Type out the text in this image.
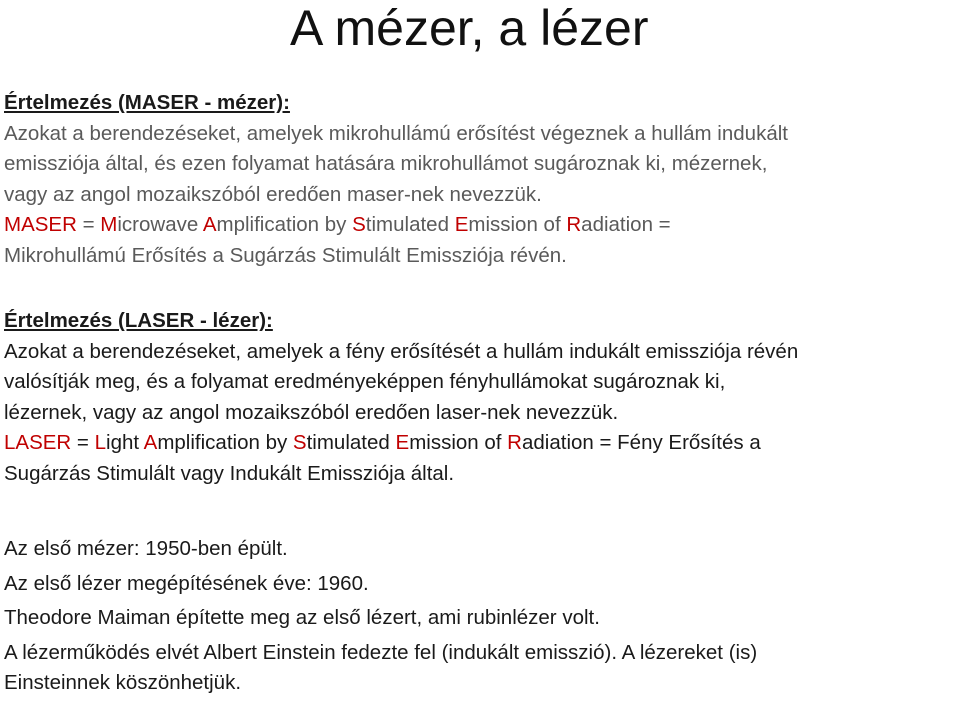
A mézer, a lézer
Értelmezés (MASER - mézer):
Azokat a berendezéseket, amelyek mikrohullámú erősítést végeznek a hullám indukált
emissziója által, és ezen folyamat hatására mikrohullámot sugároznak ki, mézernek,
vagy az angol mozaikszóból eredően maser-nek nevezzük.
MASER = Microwave Amplification by Stimulated Emission of Radiation =
Mikrohullámú Erősítés a Sugárzás Stimulált Emissziója révén.
Értelmezés (LASER - lézer):
Azokat a berendezéseket, amelyek a fény erősítését a hullám indukált emissziója révén
valósítják meg, és a folyamat eredményeképpen fényhullámokat sugároznak ki,
lézernek, vagy az angol mozaikszóból eredően laser-nek nevezzük.
LASER = Light Amplification by Stimulated Emission of Radiation = Fény Erősítés a
Sugárzás Stimulált vagy Indukált Emissziója által.
Az első mézer: 1950-ben épült.
Az első lézer megépítésének éve: 1960.
Theodore Maiman építette meg az első lézert, ami rubinlézer volt.
A lézerműködés elvét Albert Einstein fedezte fel (indukált emisszió). A lézereket (is)
Einsteinnek köszönhetjük.
